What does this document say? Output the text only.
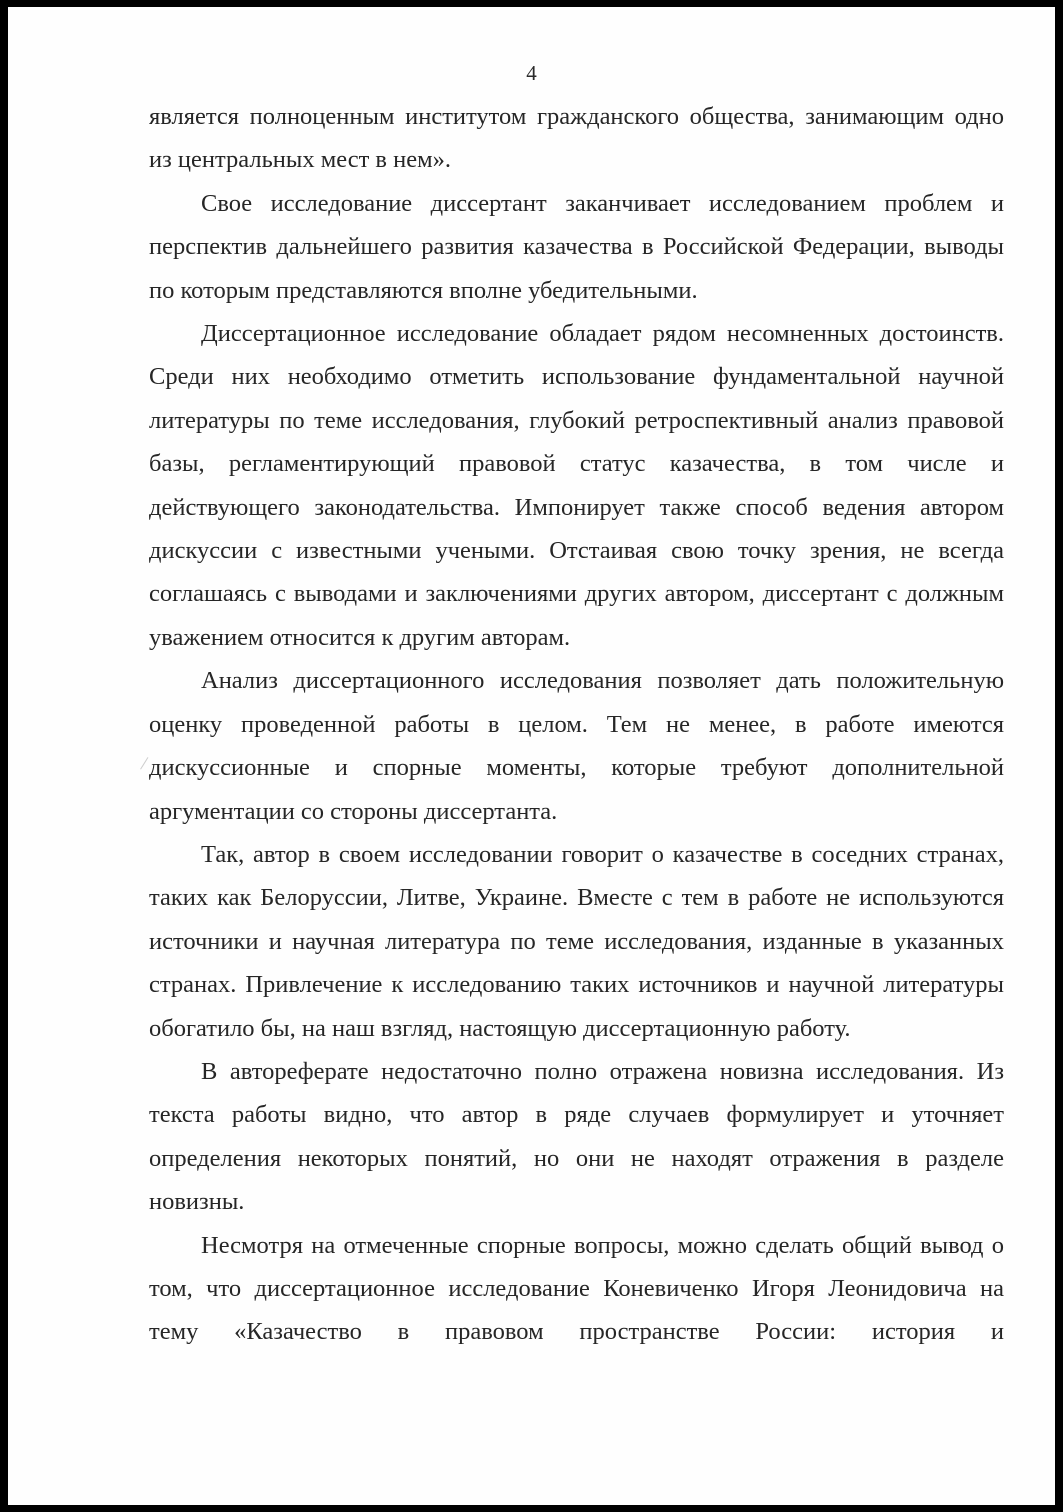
4

является полноценным институтом гражданского общества, занимающим одно из центральных мест в нем».

Свое исследование диссертант заканчивает исследованием проблем и перспектив дальнейшего развития казачества в Российской Федерации, выводы по которым представляются вполне убедительными.

Диссертационное исследование обладает рядом несомненных достоинств. Среди них необходимо отметить использование фундаментальной научной литературы по теме исследования, глубокий ретроспективный анализ правовой базы, регламентирующий правовой статус казачества, в том числе и действующего законодательства. Импонирует также способ ведения автором дискуссии с известными учеными. Отстаивая свою точку зрения, не всегда соглашаясь с выводами и заключениями других автором, диссертант с должным уважением относится к другим авторам.

Анализ диссертационного исследования позволяет дать положительную оценку проведенной работы в целом. Тем не менее, в работе имеются дискуссионные и спорные моменты, которые требуют дополнительной аргументации со стороны диссертанта.

Так, автор в своем исследовании говорит о казачестве в соседних странах, таких как Белоруссии, Литве, Украине. Вместе с тем в работе не используются источники и научная литература по теме исследования, изданные в указанных странах. Привлечение к исследованию таких источников и научной литературы обогатило бы, на наш взгляд, настоящую диссертационную работу.

В автореферате недостаточно полно отражена новизна исследования. Из текста работы видно, что автор в ряде случаев формулирует и уточняет определения некоторых понятий, но они не находят отражения в разделе новизны.

Несмотря на отмеченные спорные вопросы, можно сделать общий вывод о том, что диссертационное исследование Коневиченко Игоря Леонидовича на тему «Казачество в правовом пространстве России: история и
